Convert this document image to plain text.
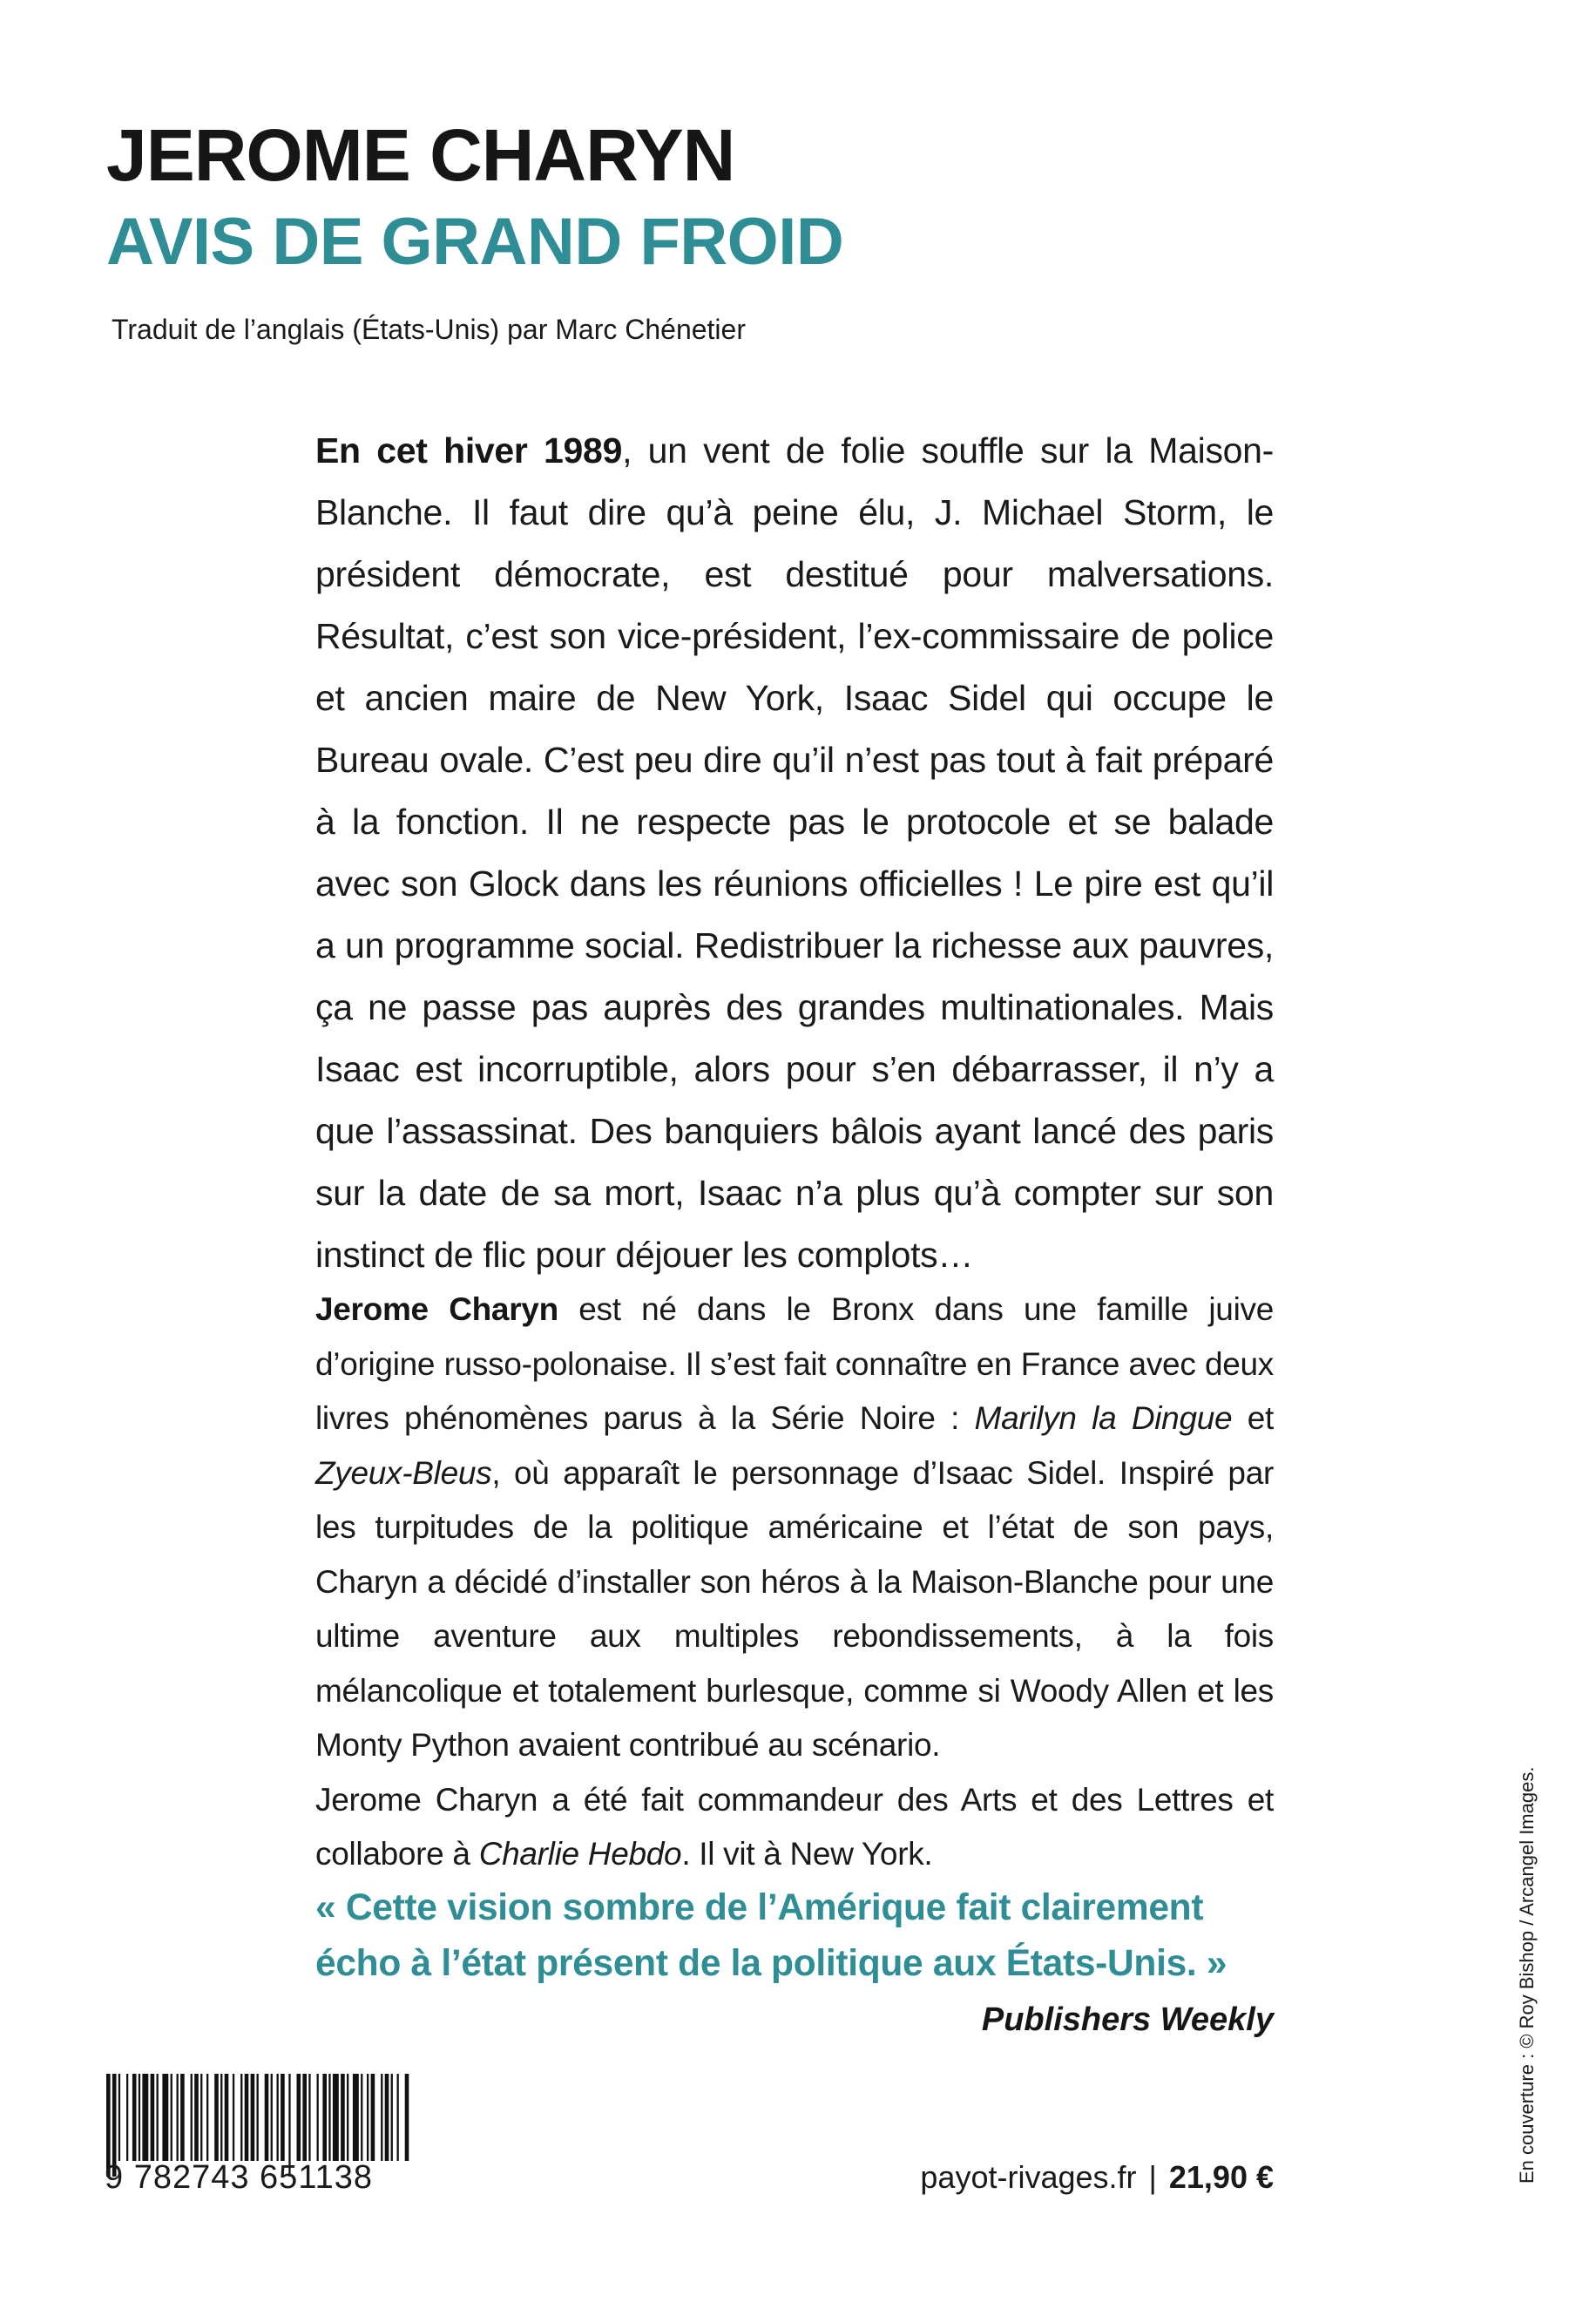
JEROME CHARYN
AVIS DE GRAND FROID
Traduit de l’anglais (États-Unis) par Marc Chénetier
En cet hiver 1989, un vent de folie souffle sur la Maison-Blanche. Il faut dire qu’à peine élu, J. Michael Storm, le président démocrate, est destitué pour malversations. Résultat, c’est son vice-président, l’ex-commissaire de police et ancien maire de New York, Isaac Sidel qui occupe le Bureau ovale. C’est peu dire qu’il n’est pas tout à fait préparé à la fonction. Il ne respecte pas le protocole et se balade avec son Glock dans les réunions officielles ! Le pire est qu’il a un programme social. Redistribuer la richesse aux pauvres, ça ne passe pas auprès des grandes multinationales. Mais Isaac est incorruptible, alors pour s’en débarrasser, il n’y a que l’assassinat. Des banquiers bâlois ayant lancé des paris sur la date de sa mort, Isaac n’a plus qu’à compter sur son instinct de flic pour déjouer les complots…

Jerome Charyn est né dans le Bronx dans une famille juive d’origine russo-polonaise. Il s’est fait connaître en France avec deux livres phénomènes parus à la Série Noire : Marilyn la Dingue et Zyeux-Bleus, où apparaît le personnage d’Isaac Sidel. Inspiré par les turpitudes de la politique américaine et l’état de son pays, Charyn a décidé d’installer son héros à la Maison-Blanche pour une ultime aventure aux multiples rebondissements, à la fois mélancolique et totalement burlesque, comme si Woody Allen et les Monty Python avaient contribué au scénario.

Jerome Charyn a été fait commandeur des Arts et des Lettres et collabore à Charlie Hebdo. Il vit à New York.

« Cette vision sombre de l’Amérique fait clairement écho à l’état présent de la politique aux États-Unis. »
Publishers Weekly
9 782743 651138	payot-rivages.fr | 21,90 €	En couverture : © Roy Bishop / Arcangel Images.
